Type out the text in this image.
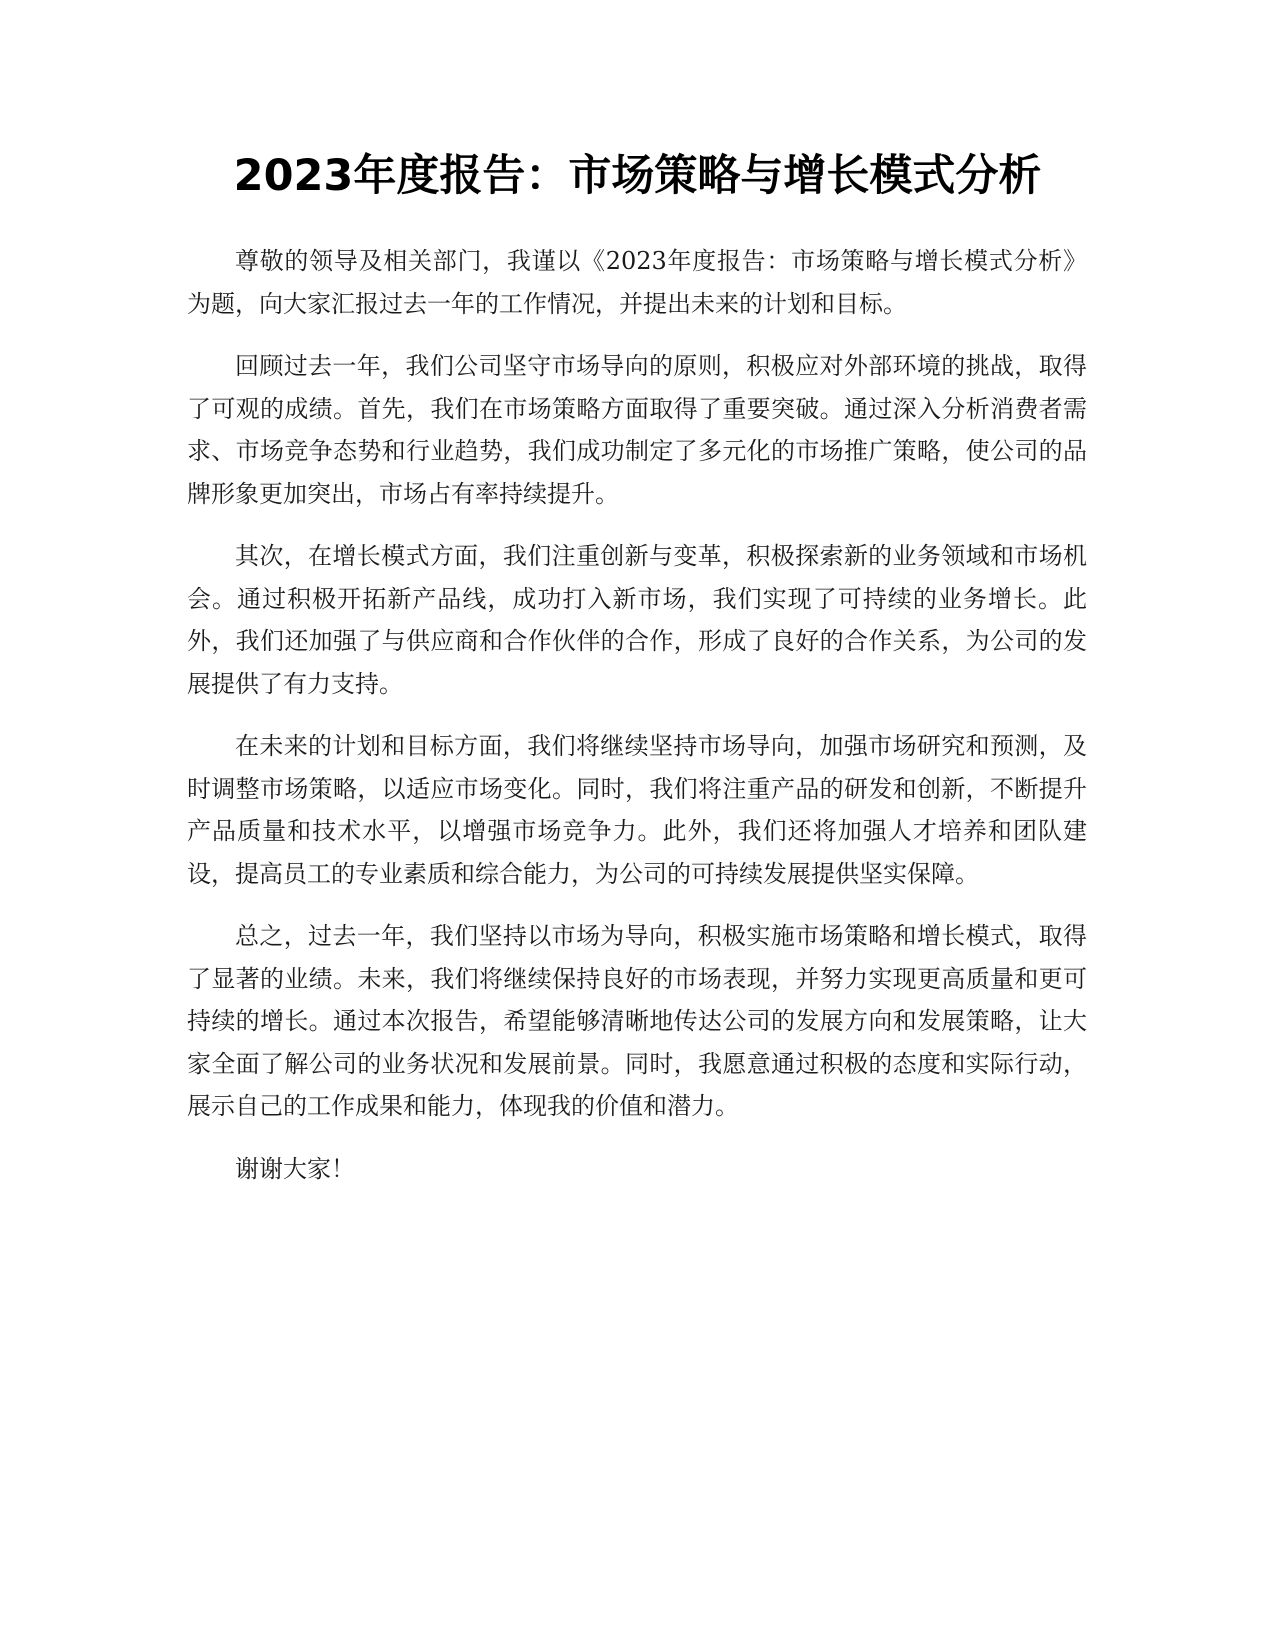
2023年度报告：市场策略与增长模式分析

尊敬的领导及相关部门，我谨以《2023年度报告：市场策略与增长模式分析》为题，向大家汇报过去一年的工作情况，并提出未来的计划和目标。

回顾过去一年，我们公司坚守市场导向的原则，积极应对外部环境的挑战，取得了可观的成绩。首先，我们在市场策略方面取得了重要突破。通过深入分析消费者需求、市场竞争态势和行业趋势，我们成功制定了多元化的市场推广策略，使公司的品牌形象更加突出，市场占有率持续提升。

其次，在增长模式方面，我们注重创新与变革，积极探索新的业务领域和市场机会。通过积极开拓新产品线，成功打入新市场，我们实现了可持续的业务增长。此外，我们还加强了与供应商和合作伙伴的合作，形成了良好的合作关系，为公司的发展提供了有力支持。

在未来的计划和目标方面，我们将继续坚持市场导向，加强市场研究和预测，及时调整市场策略，以适应市场变化。同时，我们将注重产品的研发和创新，不断提升产品质量和技术水平，以增强市场竞争力。此外，我们还将加强人才培养和团队建设，提高员工的专业素质和综合能力，为公司的可持续发展提供坚实保障。

总之，过去一年，我们坚持以市场为导向，积极实施市场策略和增长模式，取得了显著的业绩。未来，我们将继续保持良好的市场表现，并努力实现更高质量和更可持续的增长。通过本次报告，希望能够清晰地传达公司的发展方向和发展策略，让大家全面了解公司的业务状况和发展前景。同时，我愿意通过积极的态度和实际行动，展示自己的工作成果和能力，体现我的价值和潜力。

谢谢大家！
